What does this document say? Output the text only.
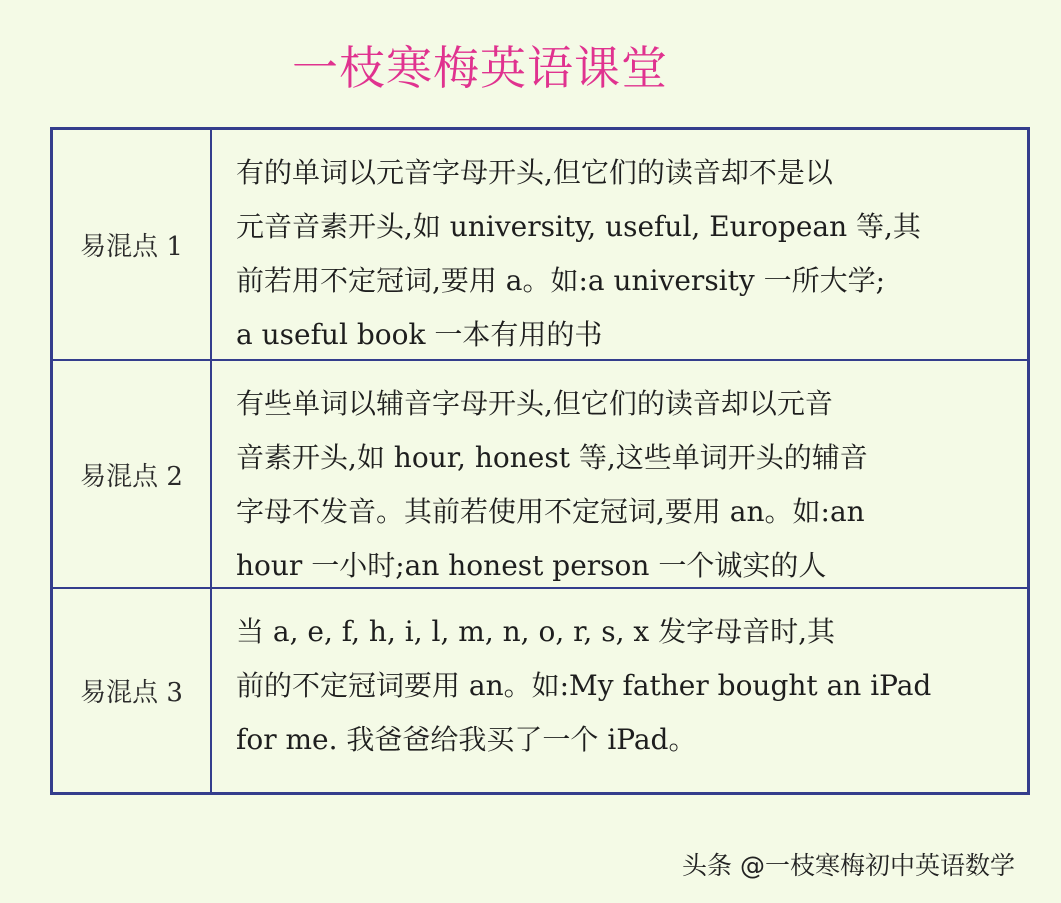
一枝寒梅英语课堂
易混点 1
有的单词以元音字母开头,但它们的读音却不是以
元音音素开头,如 university, useful, European 等,其
前若用不定冠词,要用 a。如:a university 一所大学;
a useful book 一本有用的书
易混点 2
有些单词以辅音字母开头,但它们的读音却以元音
音素开头,如 hour, honest 等,这些单词开头的辅音
字母不发音。其前若使用不定冠词,要用 an。如:an
hour 一小时;an honest person 一个诚实的人
易混点 3
当 a, e, f, h, i, l, m, n, o, r, s, x 发字母音时,其
前的不定冠词要用 an。如:My father bought an iPad
for me. 我爸爸给我买了一个 iPad。
头条 @一枝寒梅初中英语数学
